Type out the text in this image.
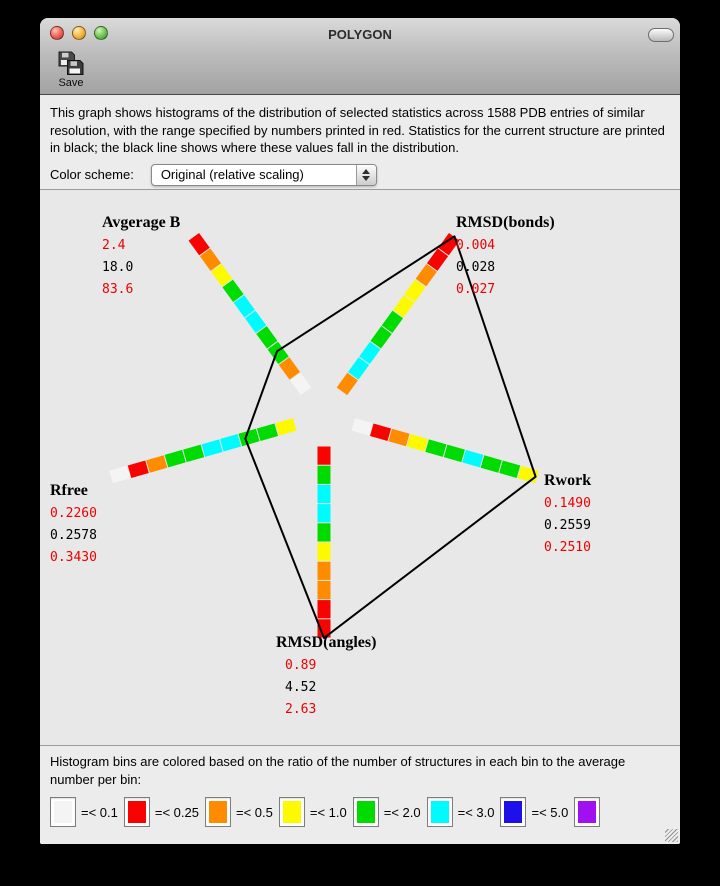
POLYGON
Save

This graph shows histograms of the distribution of selected statistics across 1588 PDB entries of similar resolution, with the range specified by numbers printed in red. Statistics for the current structure are printed in black; the black line shows where these values fall in the distribution.

Color scheme:	Original (relative scaling)
Avgerage B
2.4
18.0
83.6
RMSD(bonds)
0.004
0.028
0.027
Rwork
0.1490
0.2559
0.2510
RMSD(angles)
0.89
4.52
2.63
Rfree
0.2260
0.2578
0.3430

Histogram bins are colored based on the ratio of the number of structures in each bin to the average number per bin:

=< 0.1	=< 0.25	=< 0.5	=< 1.0	=< 2.0	=< 3.0	=< 5.0
